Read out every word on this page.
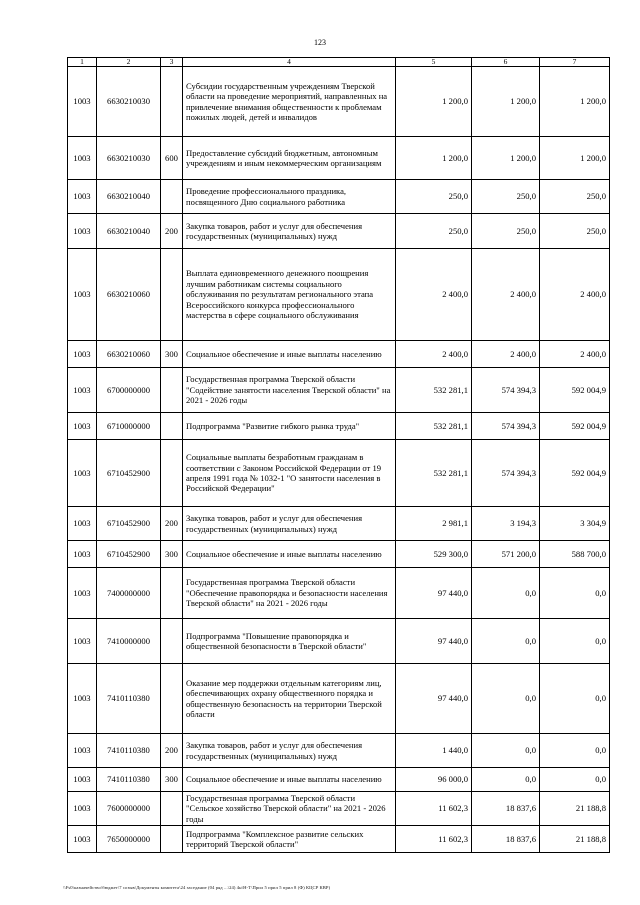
123
1	2	3	4	5	6	7
1003	6630210030		Субсидии государственным учреждениям Тверской области на проведение мероприятий, направленных на привлечение внимания общественности к проблемам пожилых людей, детей и инвалидов	1 200,0	1 200,0	1 200,0
1003	6630210030	600	Предоставление субсидий бюджетным, автономным учреждениям и иным некоммерческим организациям	1 200,0	1 200,0	1 200,0
1003	6630210040		Проведение профессионального праздника, посвященного Дню социального работника	250,0	250,0	250,0
1003	6630210040	200	Закупка товаров, работ и услуг для обеспечения государственных (муниципальных) нужд	250,0	250,0	250,0
1003	6630210060		Выплата единовременного денежного поощрения лучшим работникам системы социального обслуживания по результатам регионального этапа Всероссийского конкурса профессионального мастерства в сфере социального обслуживания	2 400,0	2 400,0	2 400,0
1003	6630210060	300	Социальное обеспечение и иные выплаты населению	2 400,0	2 400,0	2 400,0
1003	6700000000		Государственная программа Тверской области "Содействие занятости населения Тверской области" на 2021 - 2026 годы	532 281,1	574 394,3	592 004,9
1003	6710000000		Подпрограмма "Развитие гибкого рынка труда"	532 281,1	574 394,3	592 004,9
1003	6710452900		Социальные выплаты безработным гражданам в соответствии с Законом Российской Федерации от 19 апреля 1991 года № 1032-1 "О занятости населения в Российской Федерации"	532 281,1	574 394,3	592 004,9
1003	6710452900	200	Закупка товаров, работ и услуг для обеспечения государственных (муниципальных) нужд	2 981,1	3 194,3	3 304,9
1003	6710452900	300	Социальное обеспечение и иные выплаты населению	529 300,0	571 200,0	588 700,0
1003	7400000000		Государственная программа Тверской области "Обеспечение правопорядка и безопасности населения Тверской области" на 2021 - 2026 годы	97 440,0	0,0	0,0
1003	7410000000		Подпрограмма "Повышение правопорядка и общественной безопасности в Тверской области"	97 440,0	0,0	0,0
1003	7410110380		Оказание мер поддержки отдельным категориям лиц, обеспечивающих охрану общественного порядка и общественную безопасность на территории Тверской области	97 440,0	0,0	0,0
1003	7410110380	200	Закупка товаров, работ и услуг для обеспечения государственных (муниципальных) нужд	1 440,0	0,0	0,0
1003	7410110380	300	Социальное обеспечение и иные выплаты населению	96 000,0	0,0	0,0
1003	7600000000		Государственная программа Тверской области "Сельское хозяйство Тверской области" на 2021 - 2026 годы	11 602,3	18 837,6	21 188,8
1003	7650000000		Подпрограмма "Комплексное развитие сельских территорий Тверской области"	11 602,3	18 837,6	21 188,8
\\Fs0\казначейство\бюджет\7 созыв\Документы комитета\24 заседание (04 ряд ...\24) 4н\Н-Т\Прил 5 прил 5 прил 8 (Ф) КЦСР КВР)
